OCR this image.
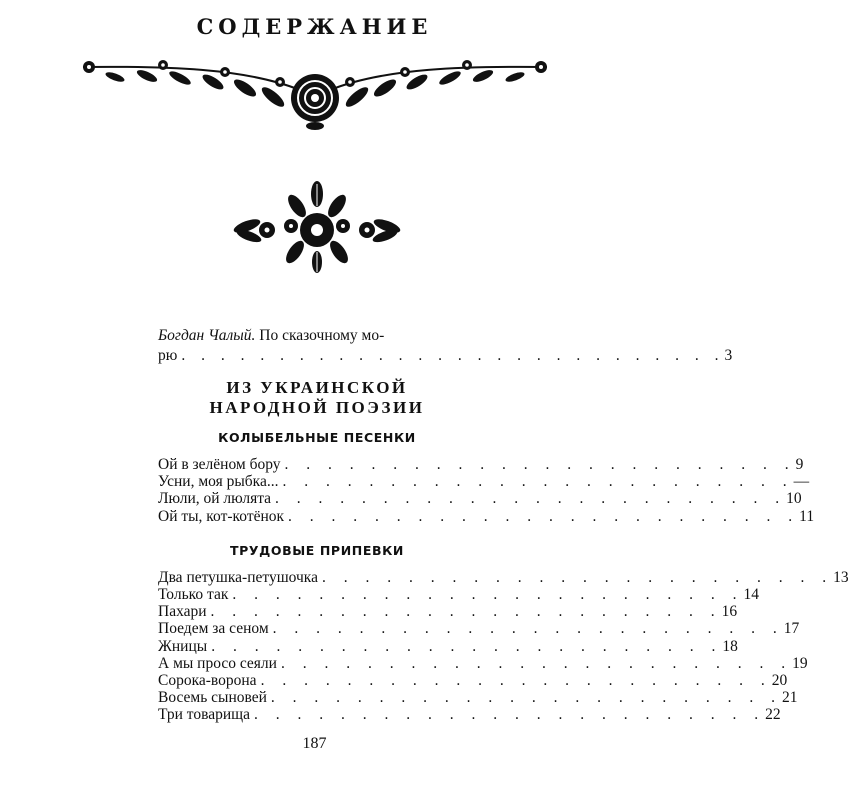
СОДЕРЖАНИЕ
Богдан Чалый. По сказочному мо-
рю . . . . . . . . . . . . . . . . . . . . . . . . . . . . 3
ИЗ УКРАИНСКОЙ
НАРОДНОЙ ПОЭЗИИ
КОЛЫБЕЛЬНЫЕ ПЕСЕНКИ
Ой в зелёном бору . . . . . . . . . . . . . . . . . . . . . . . . 9
Усни, моя рыбка... . . . . . . . . . . . . . . . . . . . . . . . . —
Люли, ой люлята . . . . . . . . . . . . . . . . . . . . . . . . 10
Ой ты, кот-котёнок . . . . . . . . . . . . . . . . . . . . . . . . 11
ТРУДОВЫЕ ПРИПЕВКИ
Два петушка-петушочка . . . . . . . . . . . . . . . . . . . . . . . . 13
Только так . . . . . . . . . . . . . . . . . . . . . . . . 14
Пахари . . . . . . . . . . . . . . . . . . . . . . . . 16
Поедем за сеном . . . . . . . . . . . . . . . . . . . . . . . . 17
Жницы . . . . . . . . . . . . . . . . . . . . . . . . 18
А мы просо сеяли . . . . . . . . . . . . . . . . . . . . . . . . 19
Сорока-ворона . . . . . . . . . . . . . . . . . . . . . . . . 20
Восемь сыновей . . . . . . . . . . . . . . . . . . . . . . . . 21
Три товарища . . . . . . . . . . . . . . . . . . . . . . . . 22
187
